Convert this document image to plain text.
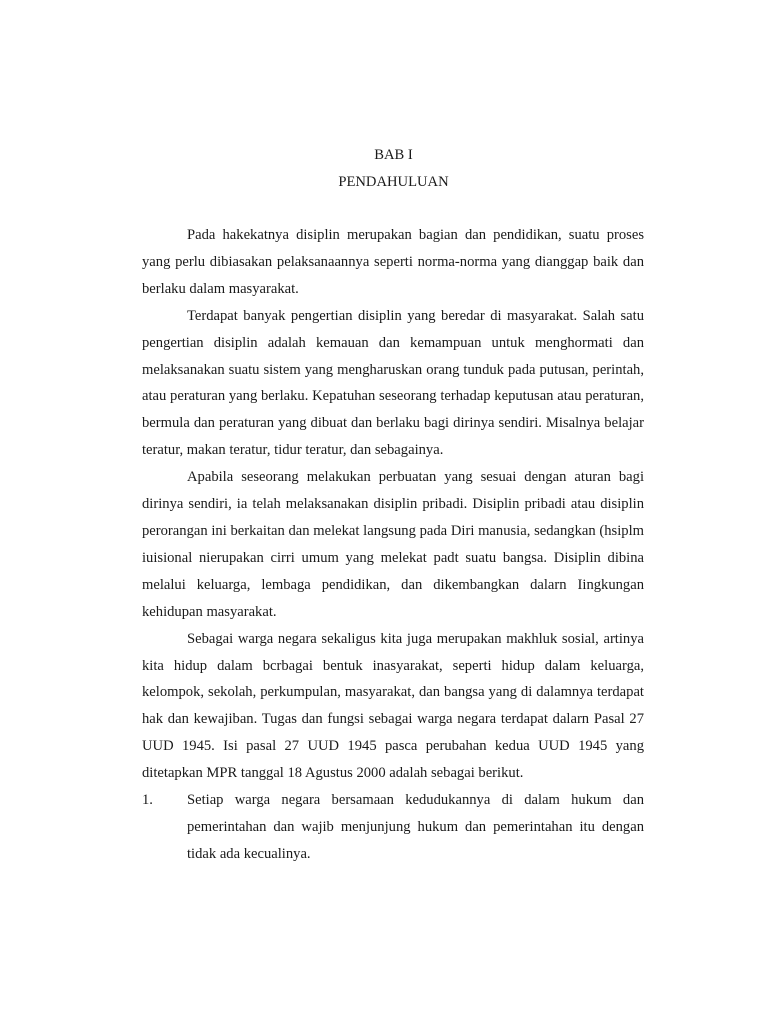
BAB I
PENDAHULUAN

Pada hakekatnya disiplin merupakan bagian dan pendidikan, suatu proses yang perlu dibiasakan pelaksanaannya seperti norma-norma yang dianggap baik dan berlaku dalam masyarakat.

Terdapat banyak pengertian disiplin yang beredar di masyarakat. Salah satu pengertian disiplin adalah kemauan dan kemampuan untuk menghormati dan melaksanakan suatu sistem yang mengharuskan orang tunduk pada putusan, perintah, atau peraturan yang berlaku. Kepatuhan seseorang terhadap keputusan atau peraturan, bermula dan peraturan yang dibuat dan berlaku bagi dirinya sendiri. Misalnya belajar teratur, makan teratur, tidur teratur, dan sebagainya.

Apabila seseorang melakukan perbuatan yang sesuai dengan aturan bagi dirinya sendiri, ia telah melaksanakan disiplin pribadi. Disiplin pribadi atau disiplin perorangan ini berkaitan dan melekat langsung pada Diri manusia, sedangkan (hsiplm iuisional nierupakan cirri umum yang melekat padt suatu bangsa. Disiplin dibina melalui keluarga, lembaga pendidikan, dan dikembangkan dalarn Iingkungan kehidupan masyarakat.

Sebagai warga negara sekaligus kita juga merupakan makhluk sosial, artinya kita hidup dalam bcrbagai bentuk inasyarakat, seperti hidup dalam keluarga, kelompok, sekolah, perkumpulan, masyarakat, dan bangsa yang di dalamnya terdapat hak dan kewajiban. Tugas dan fungsi sebagai warga negara terdapat dalarn Pasal 27 UUD 1945. Isi pasal 27 UUD 1945 pasca perubahan kedua UUD 1945 yang ditetapkan MPR tanggal 18 Agustus 2000 adalah sebagai berikut.

1. Setiap warga negara bersamaan kedudukannya di dalam hukum dan pemerintahan dan wajib menjunjung hukum dan pemerintahan itu dengan tidak ada kecualinya.
